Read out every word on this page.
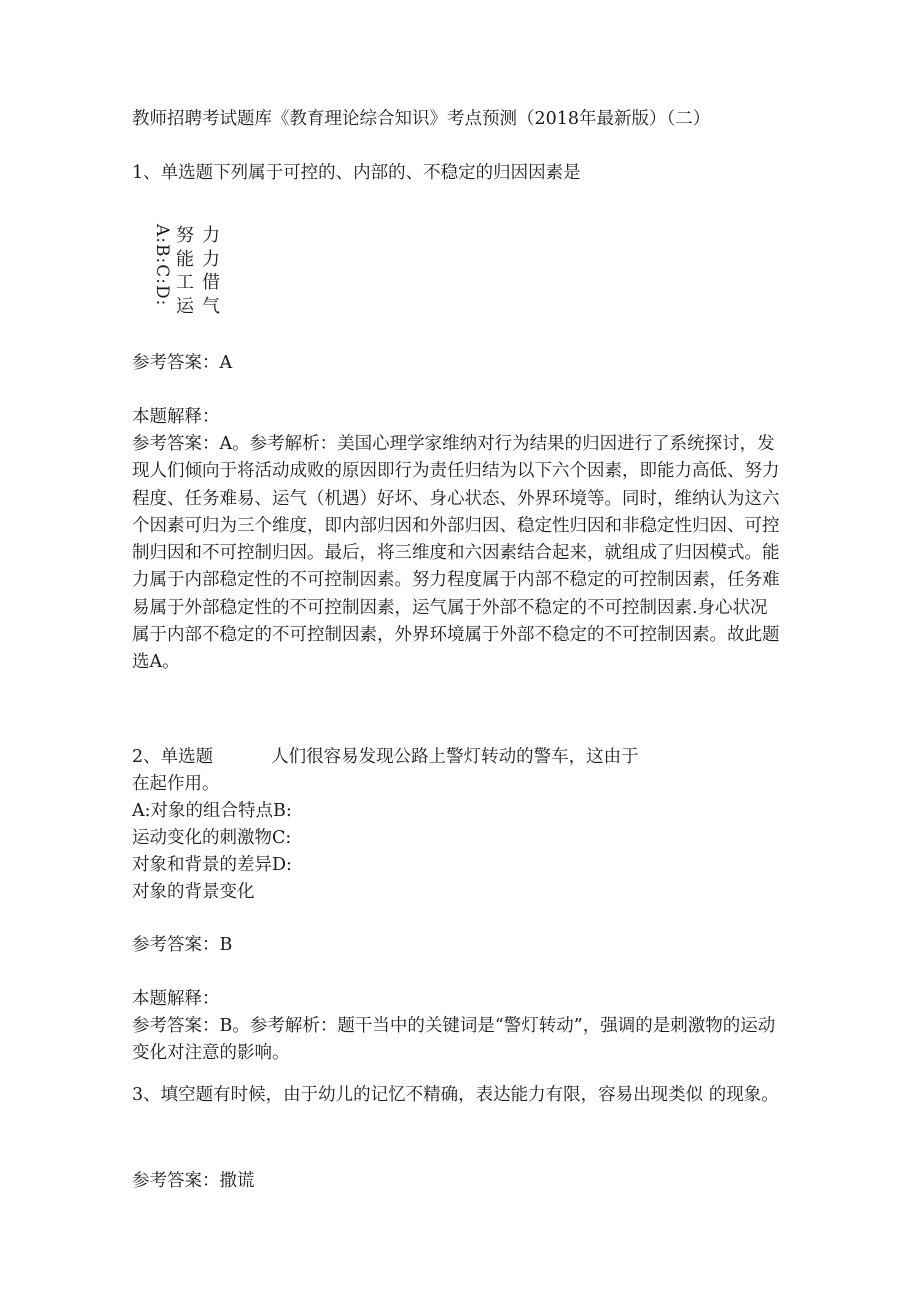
教师招聘考试题库《教育理论综合知识》考点预测（2018年最新版）（二）
1、单选题下列属于可控的、内部的、不稳定的归因因素是
A:B:C:D: 努
能
工
运
力
力
借
气
参考答案：A
本题解释：
参考答案：A。参考解析：美国心理学家维纳对行为结果的归因进行了系统探讨，发现人们倾向于将活动成败的原因即行为责任归结为以下六个因素，即能力高低、努力程度、任务难易、运气（机遇）好坏、身心状态、外界环境等。同时，维纳认为这六个因素可归为三个维度，即内部归因和外部归因、稳定性归因和非稳定性归因、可控制归因和不可控制归因。最后，将三维度和六因素结合起来，就组成了归因模式。能力属于内部稳定性的不可控制因素。努力程度属于内部不稳定的可控制因素，任务难易属于外部稳定性的不可控制因素，运气属于外部不稳定的不可控制因素.身心状况属于内部不稳定的不可控制因素，外界环境属于外部不稳定的不可控制因素。故此题选A。
2、单选题	人们很容易发现公路上警灯转动的警车，这由于
在起作用。
A:对象的组合特点B:
运动变化的刺激物C:
对象和背景的差异D:
对象的背景变化
参考答案：B
本题解释：
参考答案：B。参考解析：题干当中的关键词是“警灯转动”，强调的是刺激物的运动变化对注意的影响。
3、填空题有时候，由于幼儿的记忆不精确，表达能力有限，容易出现类似 的现象。
参考答案：撒谎
